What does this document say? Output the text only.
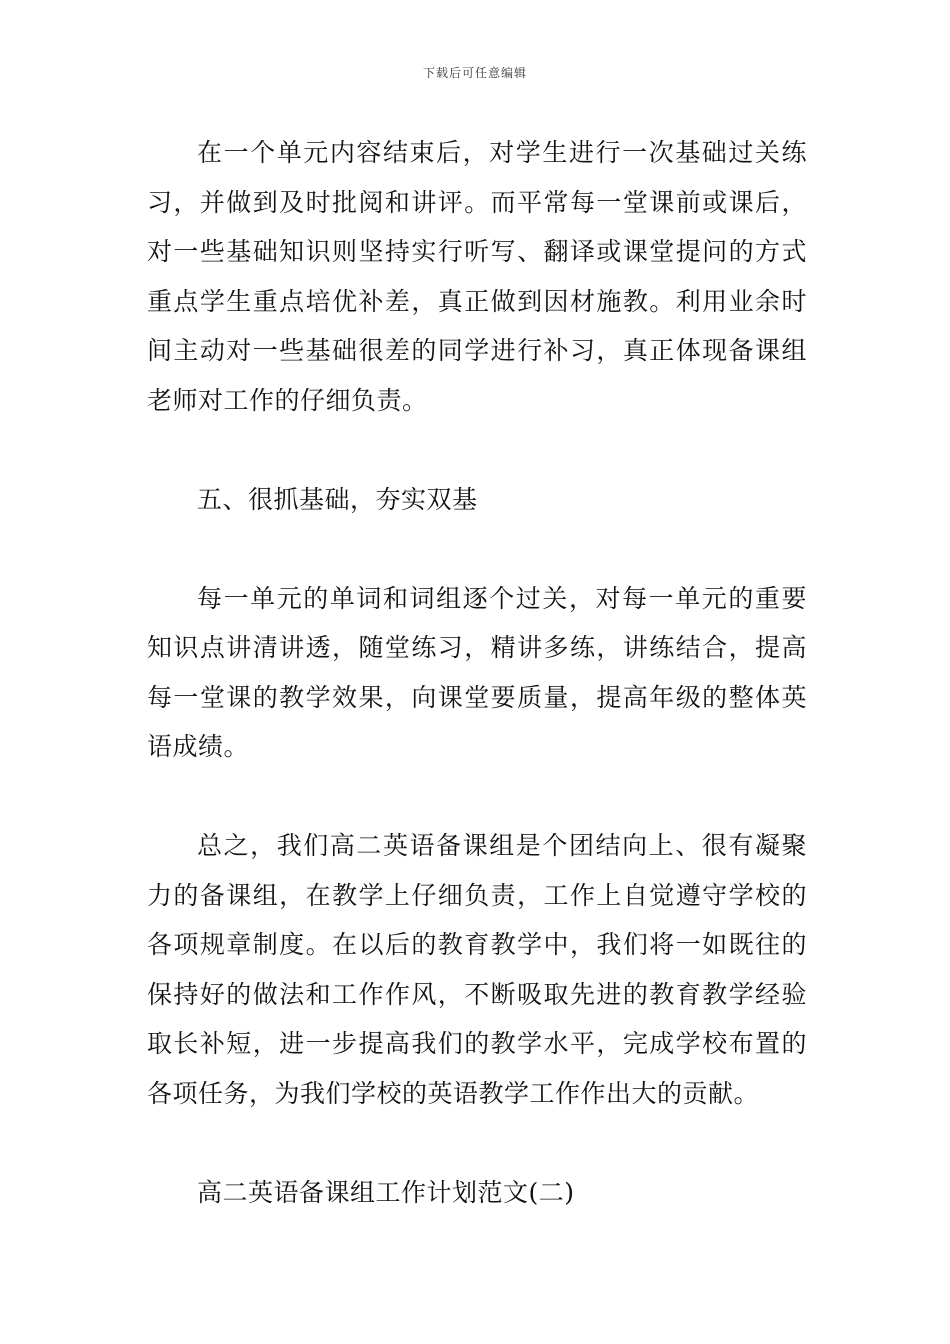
下载后可任意编辑

在一个单元内容结束后，对学生进行一次基础过关练习，并做到及时批阅和讲评。而平常每一堂课前或课后，对一些基础知识则坚持实行听写、翻译或课堂提问的方式重点学生重点培优补差，真正做到因材施教。利用业余时间主动对一些基础很差的同学进行补习，真正体现备课组老师对工作的仔细负责。

五、很抓基础，夯实双基

每一单元的单词和词组逐个过关，对每一单元的重要知识点讲清讲透，随堂练习，精讲多练，讲练结合，提高每一堂课的教学效果，向课堂要质量，提高年级的整体英语成绩。

总之，我们高二英语备课组是个团结向上、很有凝聚力的备课组，在教学上仔细负责，工作上自觉遵守学校的各项规章制度。在以后的教育教学中，我们将一如既往的保持好的做法和工作作风，不断吸取先进的教育教学经验取长补短，进一步提高我们的教学水平，完成学校布置的各项任务，为我们学校的英语教学工作作出大的贡献。

高二英语备课组工作计划范文(二)
